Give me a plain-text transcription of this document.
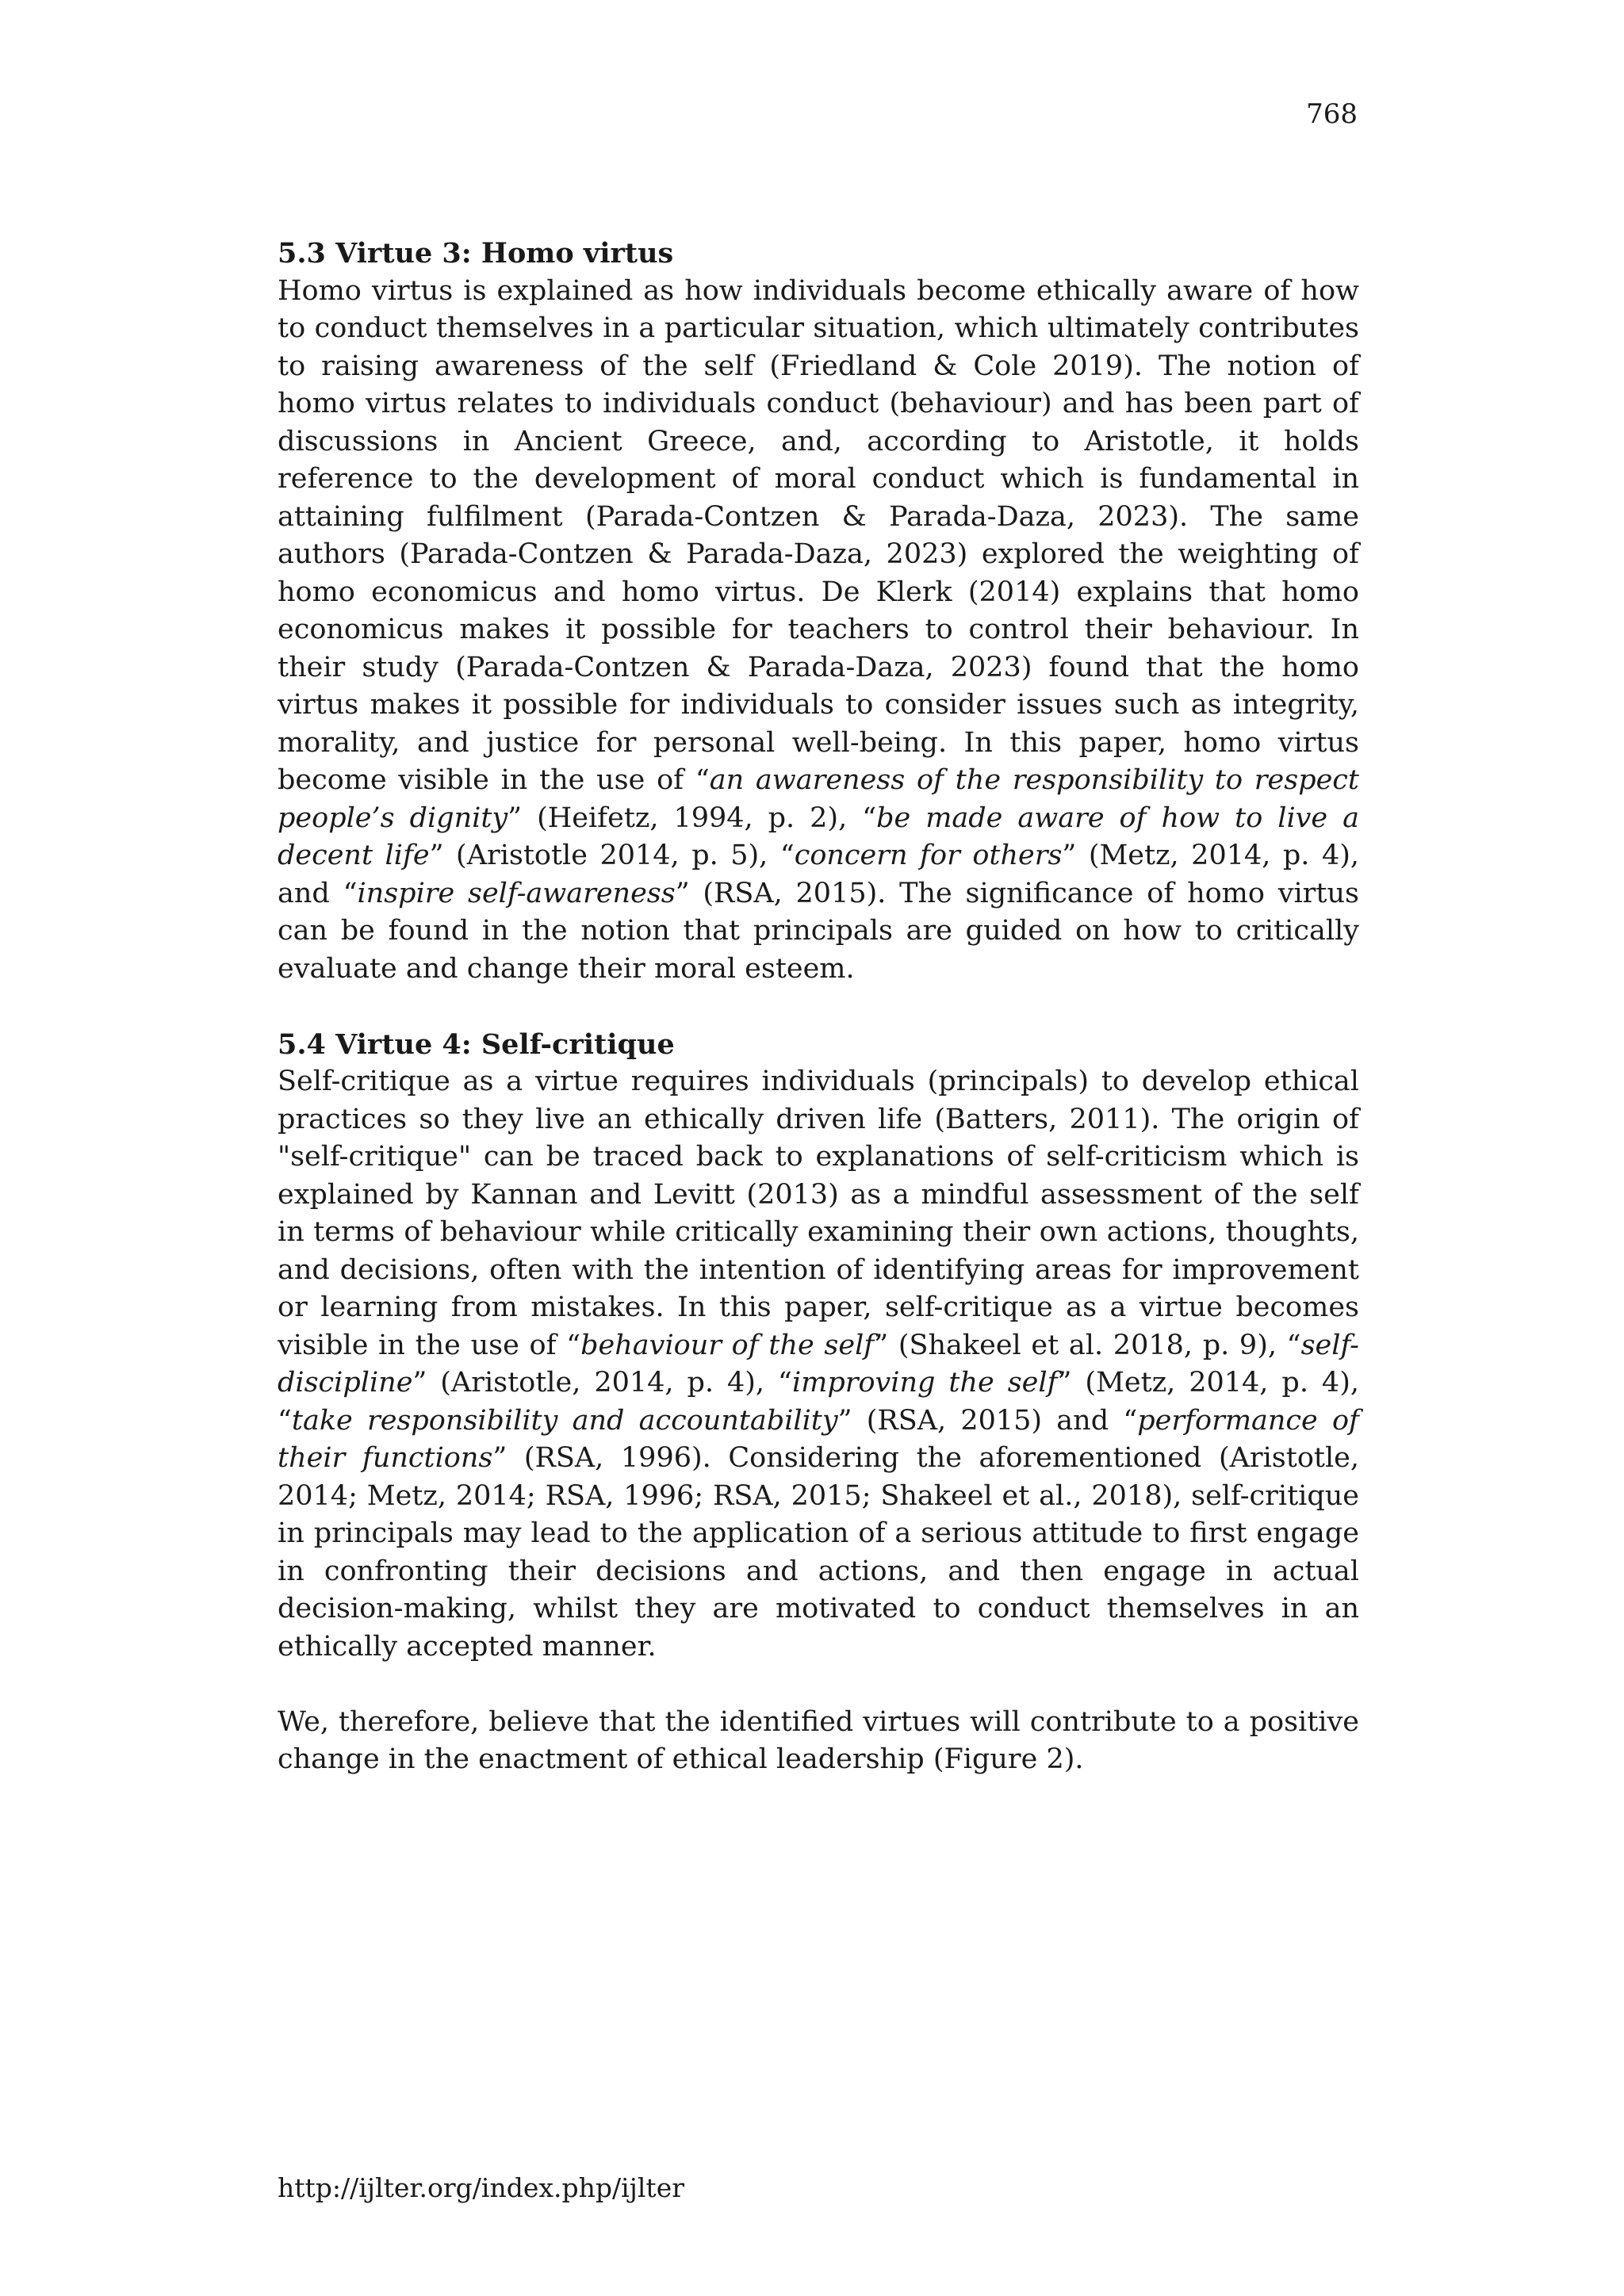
768
5.3 Virtue 3: Homo virtus

Homo virtus is explained as how individuals become ethically aware of how to conduct themselves in a particular situation, which ultimately contributes to raising awareness of the self (Friedland & Cole 2019). The notion of homo virtus relates to individuals conduct (behaviour) and has been part of discussions in Ancient Greece, and, according to Aristotle, it holds reference to the development of moral conduct which is fundamental in attaining fulfilment (Parada-Contzen & Parada-Daza, 2023). The same authors (Parada-Contzen & Parada-Daza, 2023) explored the weighting of homo economicus and homo virtus. De Klerk (2014) explains that homo economicus makes it possible for teachers to control their behaviour. In their study (Parada-Contzen & Parada-Daza, 2023) found that the homo virtus makes it possible for individuals to consider issues such as integrity, morality, and justice for personal well-being. In this paper, homo virtus become visible in the use of “an awareness of the responsibility to respect people’s dignity” (Heifetz, 1994, p. 2), “be made aware of how to live a decent life” (Aristotle 2014, p. 5), “concern for others” (Metz, 2014, p. 4), and “inspire self-awareness” (RSA, 2015). The significance of homo virtus can be found in the notion that principals are guided on how to critically evaluate and change their moral esteem.

5.4 Virtue 4: Self-critique

Self-critique as a virtue requires individuals (principals) to develop ethical practices so they live an ethically driven life (Batters, 2011). The origin of "self-critique" can be traced back to explanations of self-criticism which is explained by Kannan and Levitt (2013) as a mindful assessment of the self in terms of behaviour while critically examining their own actions, thoughts, and decisions, often with the intention of identifying areas for improvement or learning from mistakes. In this paper, self-critique as a virtue becomes visible in the use of “behaviour of the self” (Shakeel et al. 2018, p. 9), “self-discipline” (Aristotle, 2014, p. 4), “improving the self” (Metz, 2014, p. 4), “take responsibility and accountability” (RSA, 2015) and “performance of their functions” (RSA, 1996). Considering the aforementioned (Aristotle, 2014; Metz, 2014; RSA, 1996; RSA, 2015; Shakeel et al., 2018), self-critique in principals may lead to the application of a serious attitude to first engage in confronting their decisions and actions, and then engage in actual decision-making, whilst they are motivated to conduct themselves in an ethically accepted manner.

We, therefore, believe that the identified virtues will contribute to a positive change in the enactment of ethical leadership (Figure 2).

http://ijlter.org/index.php/ijlter
